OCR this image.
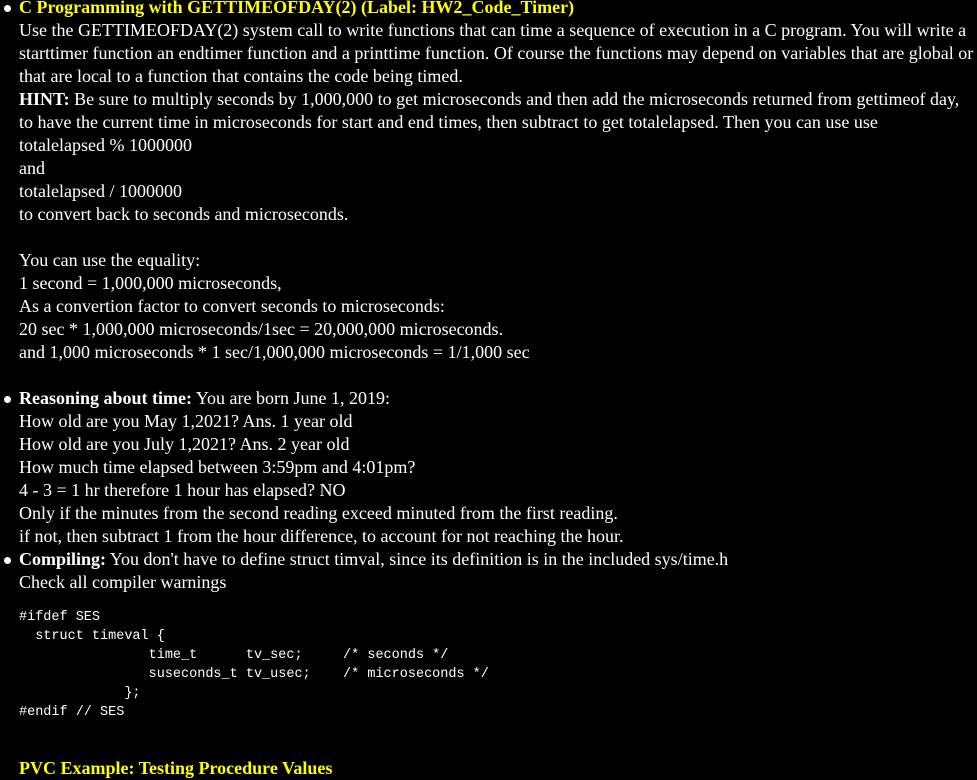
C Programming with GETTIMEOFDAY(2) (Label: HW2_Code_Timer)
Use the GETTIMEOFDAY(2) system call to write functions that can time a sequence of execution in a C program. You will write a starttimer function an endtimer function and a printtime function. Of course the functions may depend on variables that are global or that are local to a function that contains the code being timed.
HINT: Be sure to multiply seconds by 1,000,000 to get microseconds and then add the microseconds returned from gettimeof day, to have the current time in microseconds for start and end times, then subtract to get totalelapsed. Then you can use use
totalelapsed % 1000000
and
totalelapsed / 1000000
to convert back to seconds and microseconds.
You can use the equality:
1 second = 1,000,000 microseconds,
As a convertion factor to convert seconds to microseconds:
20 sec * 1,000,000 microseconds/1sec = 20,000,000 microseconds.
and 1,000 microseconds * 1 sec/1,000,000 microseconds = 1/1,000 sec
Reasoning about time: You are born June 1, 2019:
How old are you May 1,2021? Ans. 1 year old
How old are you July 1,2021? Ans. 2 year old
How much time elapsed between 3:59pm and 4:01pm?
4 - 3 = 1 hr therefore 1 hour has elapsed? NO
Only if the minutes from the second reading exceed minuted from the first reading.
if not, then subtract 1 from the hour difference, to account for not reaching the hour.
Compiling: You don't have to define struct timval, since its definition is in the included sys/time.h
Check all compiler warnings
#ifdef SES
struct timeval {
time_t      tv_sec;     /* seconds */
suseconds_t tv_usec;    /* microseconds */
};
#endif // SES
PVC Example: Testing Procedure Values
